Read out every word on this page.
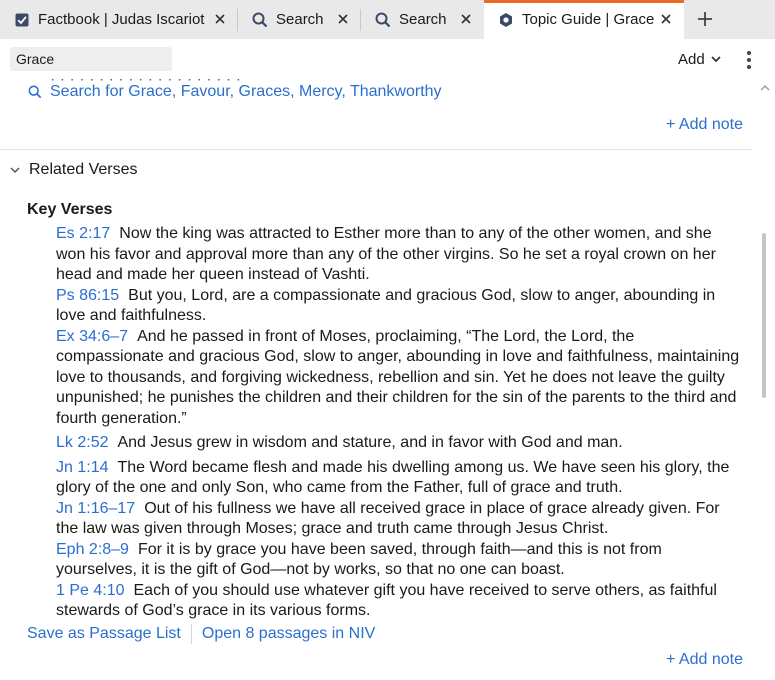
Factbook | Judas Iscariot	Search	Search	Topic Guide | Grace
Grace
Add
· · · · · · · · · · · · · · · · · · · ·
Search for Grace, Favour, Graces, Mercy, Thankworthy
+ Add note
Related Verses
Key Verses
Es 2:17 Now the king was attracted to Esther more than to any of the other women, and she won his favor and approval more than any of the other virgins. So he set a royal crown on her head and made her queen instead of Vashti.
Ps 86:15 But you, Lord, are a compassionate and gracious God, slow to anger, abounding in love and faithfulness.
Ex 34:6–7 And he passed in front of Moses, proclaiming, “The Lord, the Lord, the compassionate and gracious God, slow to anger, abounding in love and faithfulness, maintaining love to thousands, and forgiving wickedness, rebellion and sin. Yet he does not leave the guilty unpunished; he punishes the children and their children for the sin of the parents to the third and fourth generation.”
Lk 2:52 And Jesus grew in wisdom and stature, and in favor with God and man.
Jn 1:14 The Word became flesh and made his dwelling among us. We have seen his glory, the glory of the one and only Son, who came from the Father, full of grace and truth.
Jn 1:16–17 Out of his fullness we have all received grace in place of grace already given. For the law was given through Moses; grace and truth came through Jesus Christ.
Eph 2:8–9 For it is by grace you have been saved, through faith—and this is not from yourselves, it is the gift of God—not by works, so that no one can boast.
1 Pe 4:10 Each of you should use whatever gift you have received to serve others, as faithful stewards of God’s grace in its various forms.
Save as Passage List Open 8 passages in NIV
+ Add note
